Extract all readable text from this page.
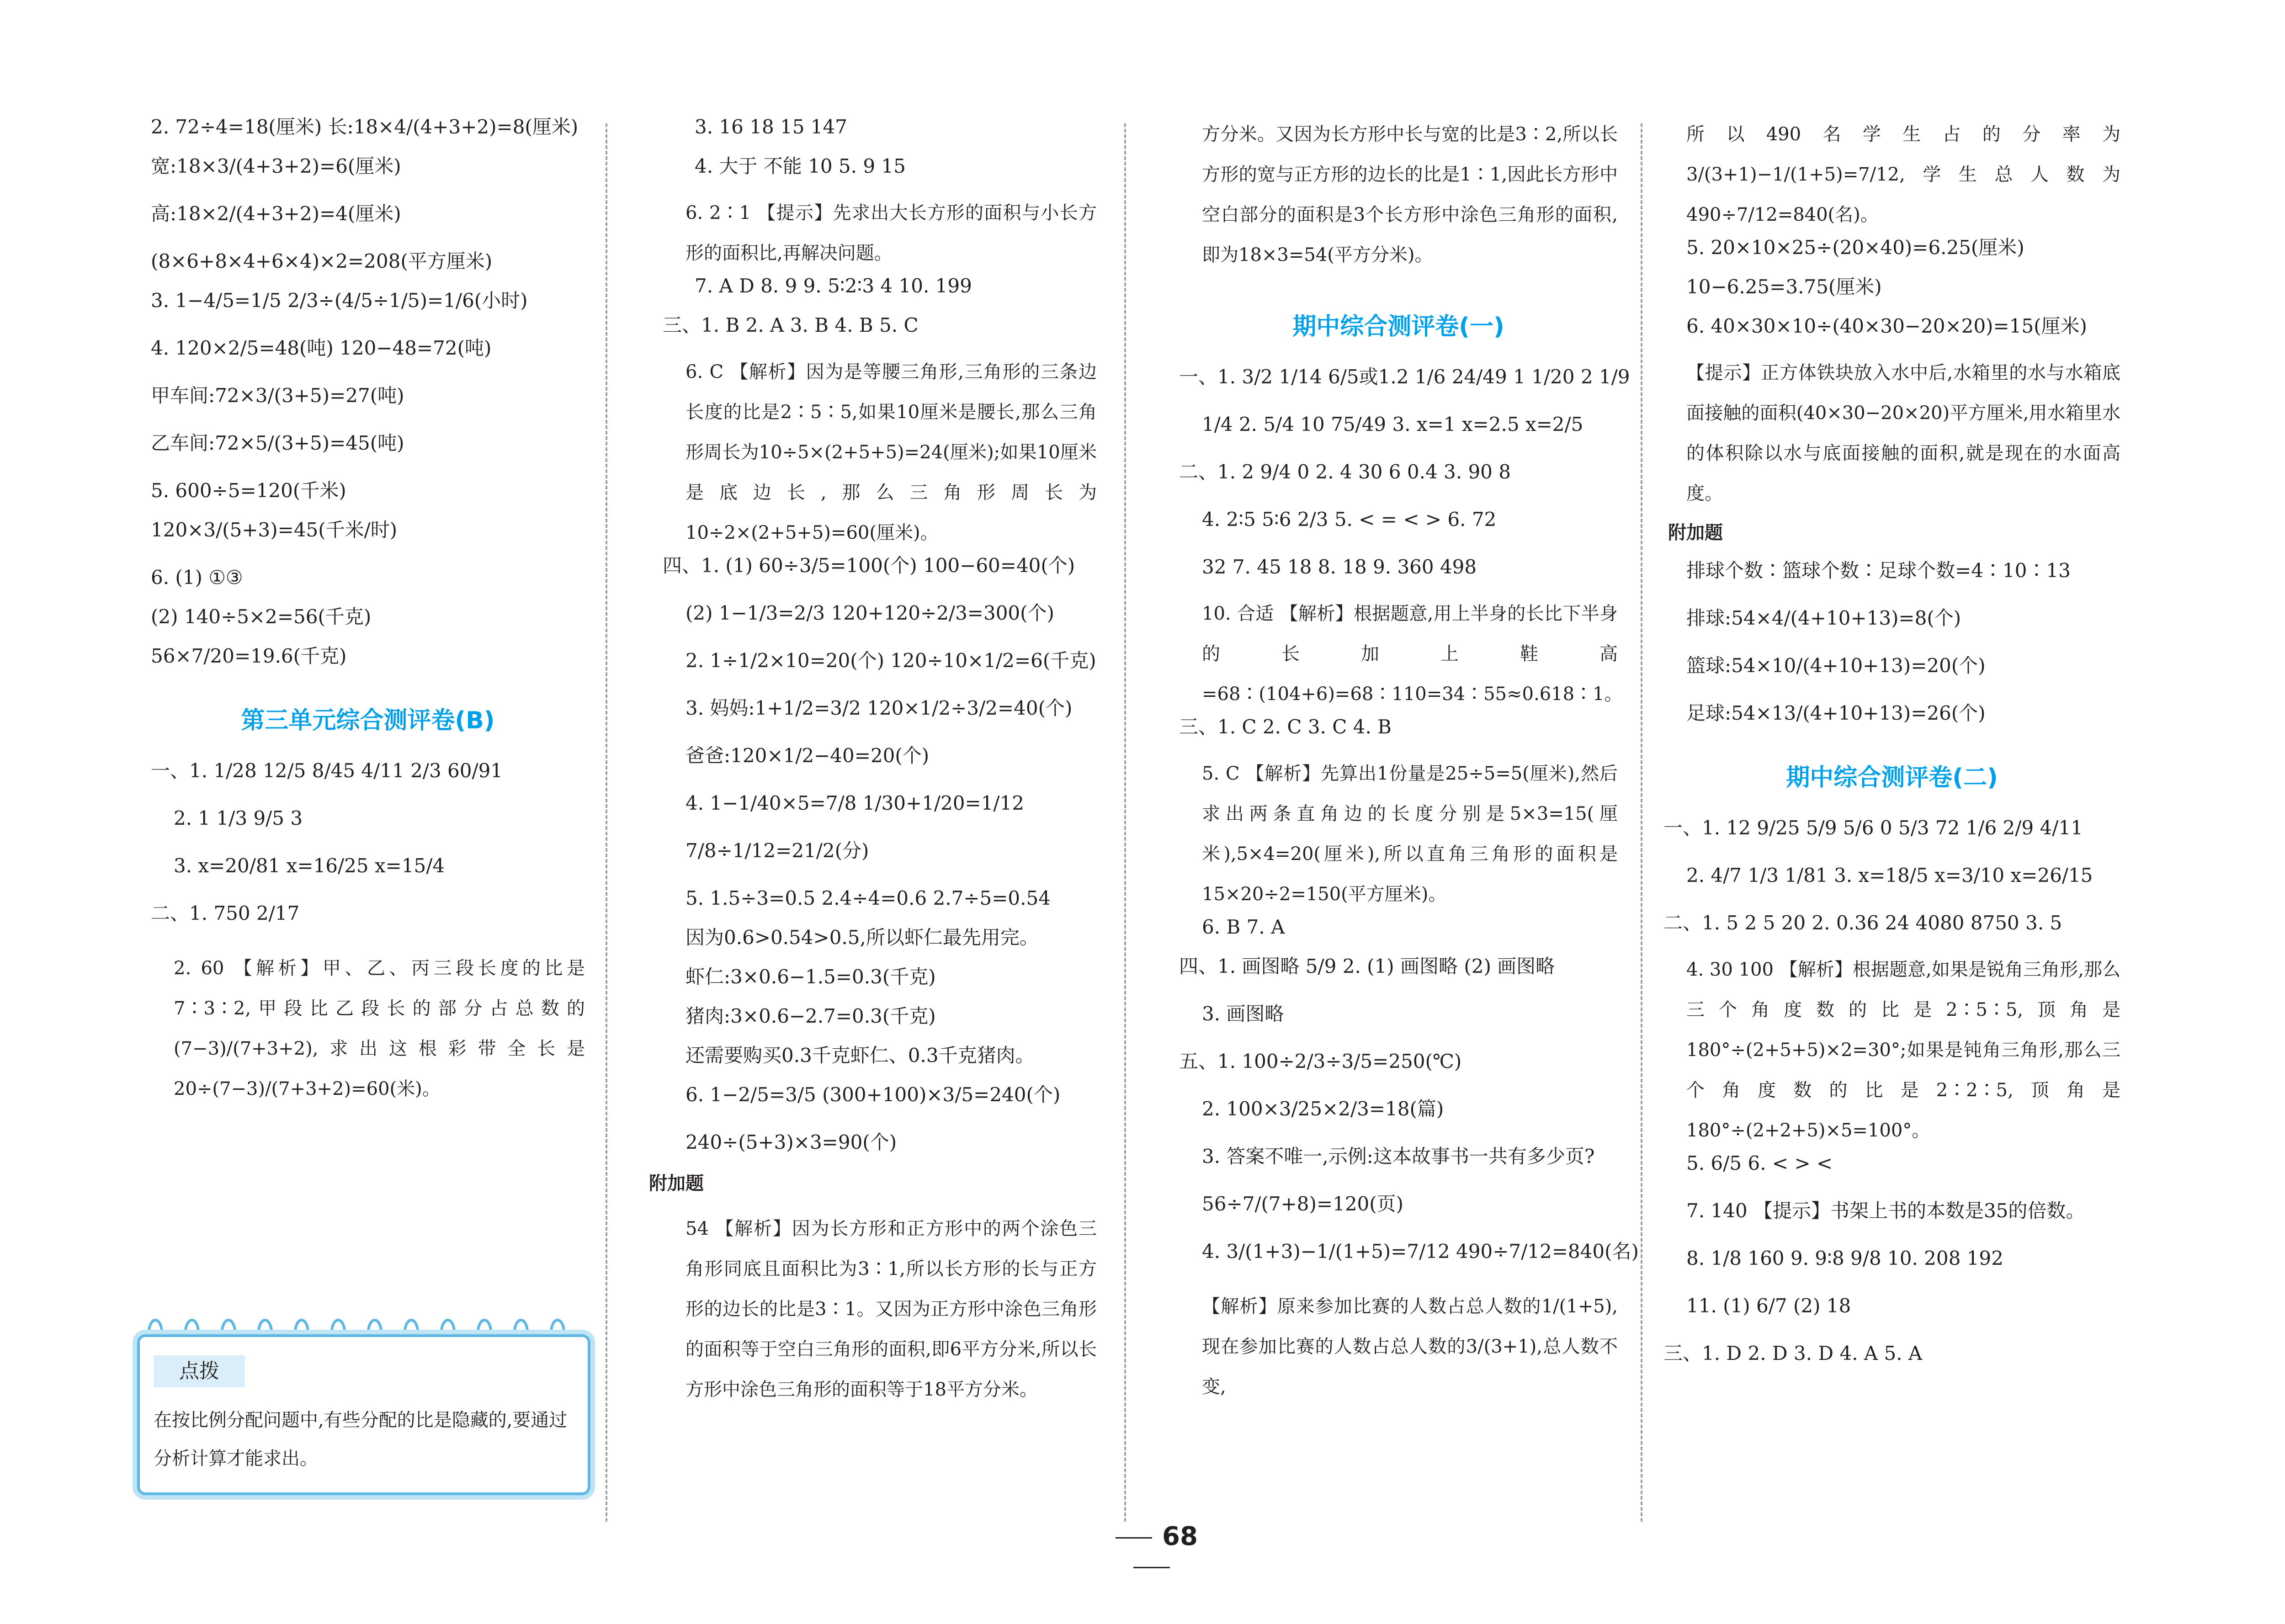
2. 72÷4=18(厘米) 长:18×4/(4+3+2)=8(厘米)
宽:18×3/(4+3+2)=6(厘米)
高:18×2/(4+3+2)=4(厘米)
(8×6+8×4+6×4)×2=208(平方厘米)
3. 1−4/5=1/5 2/3÷(4/5÷1/5)=1/6(小时)
4. 120×2/5=48(吨) 120−48=72(吨)
甲车间:72×3/(3+5)=27(吨)
乙车间:72×5/(3+5)=45(吨)
5. 600÷5=120(千米)
120×3/(5+3)=45(千米/时)
6. (1) ①③
(2) 140÷5×2=56(千克)
56×7/20=19.6(千克)
第三单元综合测评卷(B)
一、1. 1/28 12/5 8/45 4/11 2/3 60/91
2. 1 1/3 9/5 3
3. x=20/81 x=16/25 x=15/4
二、1. 750 2/17
2. 60 【解析】甲、乙、丙三段长度的比是7∶3∶2,甲段比乙段长的部分占总数的(7−3)/(7+3+2),求出这根彩带全长是20÷(7−3)/(7+3+2)=60(米)。
点拨
在按比例分配问题中,有些分配的比是隐藏的,要通过分析计算才能求出。
3. 16 18 15 147
4. 大于 不能 10 5. 9 15
6. 2∶1 【提示】先求出大长方形的面积与小长方形的面积比,再解决问题。
7. A D 8. 9 9. 5∶2∶3 4 10. 199
三、1. B 2. A 3. B 4. B 5. C
6. C 【解析】因为是等腰三角形,三角形的三条边长度的比是2∶5∶5,如果10厘米是腰长,那么三角形周长为10÷5×(2+5+5)=24(厘米);如果10厘米是底边长,那么三角形周长为10÷2×(2+5+5)=60(厘米)。
四、1. (1) 60÷3/5=100(个) 100−60=40(个)
(2) 1−1/3=2/3 120+120÷2/3=300(个)
2. 1÷1/2×10=20(个) 120÷10×1/2=6(千克)
3. 妈妈:1+1/2=3/2 120×1/2÷3/2=40(个)
爸爸:120×1/2−40=20(个)
4. 1−1/40×5=7/8 1/30+1/20=1/12
7/8÷1/12=21/2(分)
5. 1.5÷3=0.5 2.4÷4=0.6 2.7÷5=0.54
因为0.6>0.54>0.5,所以虾仁最先用完。
虾仁:3×0.6−1.5=0.3(千克)
猪肉:3×0.6−2.7=0.3(千克)
还需要购买0.3千克虾仁、0.3千克猪肉。
6. 1−2/5=3/5 (300+100)×3/5=240(个)
240÷(5+3)×3=90(个)
附加题
54 【解析】因为长方形和正方形中的两个涂色三角形同底且面积比为3∶1,所以长方形的长与正方形的边长的比是3∶1。又因为正方形中涂色三角形的面积等于空白三角形的面积,即6平方分米,所以长方形中涂色三角形的面积等于18平方分米。
方分米。又因为长方形中长与宽的比是3∶2,所以长方形的宽与正方形的边长的比是1∶1,因此长方形中空白部分的面积是3个长方形中涂色三角形的面积,即为18×3=54(平方分米)。
期中综合测评卷(一)
一、1. 3/2 1/14 6/5或1.2 1/6 24/49 1 1/20 2 1/9
1/4 2. 5/4 10 75/49 3. x=1 x=2.5 x=2/5
二、1. 2 9/4 0 2. 4 30 6 0.4 3. 90 8
4. 2∶5 5∶6 2/3 5. < = < > 6. 72
32 7. 45 18 8. 18 9. 360 498
10. 合适 【解析】根据题意,用上半身的长比下半身的长加上鞋高=68∶(104+6)=68∶110=34∶55≈0.618∶1。
三、1. C 2. C 3. C 4. B
5. C 【解析】先算出1份量是25÷5=5(厘米),然后求出两条直角边的长度分别是5×3=15(厘米),5×4=20(厘米),所以直角三角形的面积是15×20÷2=150(平方厘米)。
6. B 7. A
四、1. 画图略 5/9 2. (1) 画图略 (2) 画图略
3. 画图略
五、1. 100÷2/3÷3/5=250(℃)
2. 100×3/25×2/3=18(篇)
3. 答案不唯一,示例:这本故事书一共有多少页?
56÷7/(7+8)=120(页)
4. 3/(1+3)−1/(1+5)=7/12 490÷7/12=840(名)
【解析】原来参加比赛的人数占总人数的1/(1+5),现在参加比赛的人数占总人数的3/(3+1),总人数不变,
所以490名学生占的分率为3/(3+1)−1/(1+5)=7/12,学生总人数为490÷7/12=840(名)。
5. 20×10×25÷(20×40)=6.25(厘米)
10−6.25=3.75(厘米)
6. 40×30×10÷(40×30−20×20)=15(厘米)
【提示】正方体铁块放入水中后,水箱里的水与水箱底面接触的面积(40×30−20×20)平方厘米,用水箱里水的体积除以水与底面接触的面积,就是现在的水面高度。
附加题
排球个数∶篮球个数∶足球个数=4∶10∶13
排球:54×4/(4+10+13)=8(个)
篮球:54×10/(4+10+13)=20(个)
足球:54×13/(4+10+13)=26(个)
期中综合测评卷(二)
一、1. 12 9/25 5/9 5/6 0 5/3 72 1/6 2/9 4/11
2. 4/7 1/3 1/81 3. x=18/5 x=3/10 x=26/15
二、1. 5 2 5 20 2. 0.36 24 4080 8750 3. 5
4. 30 100 【解析】根据题意,如果是锐角三角形,那么三个角度数的比是2∶5∶5,顶角是180°÷(2+5+5)×2=30°;如果是钝角三角形,那么三个角度数的比是2∶2∶5,顶角是180°÷(2+2+5)×5=100°。
5. 6/5 6. < > <
7. 140 【提示】书架上书的本数是35的倍数。
8. 1/8 160 9. 9∶8 9/8 10. 208 192
11. (1) 6/7 (2) 18
三、1. D 2. D 3. D 4. A 5. A
68
